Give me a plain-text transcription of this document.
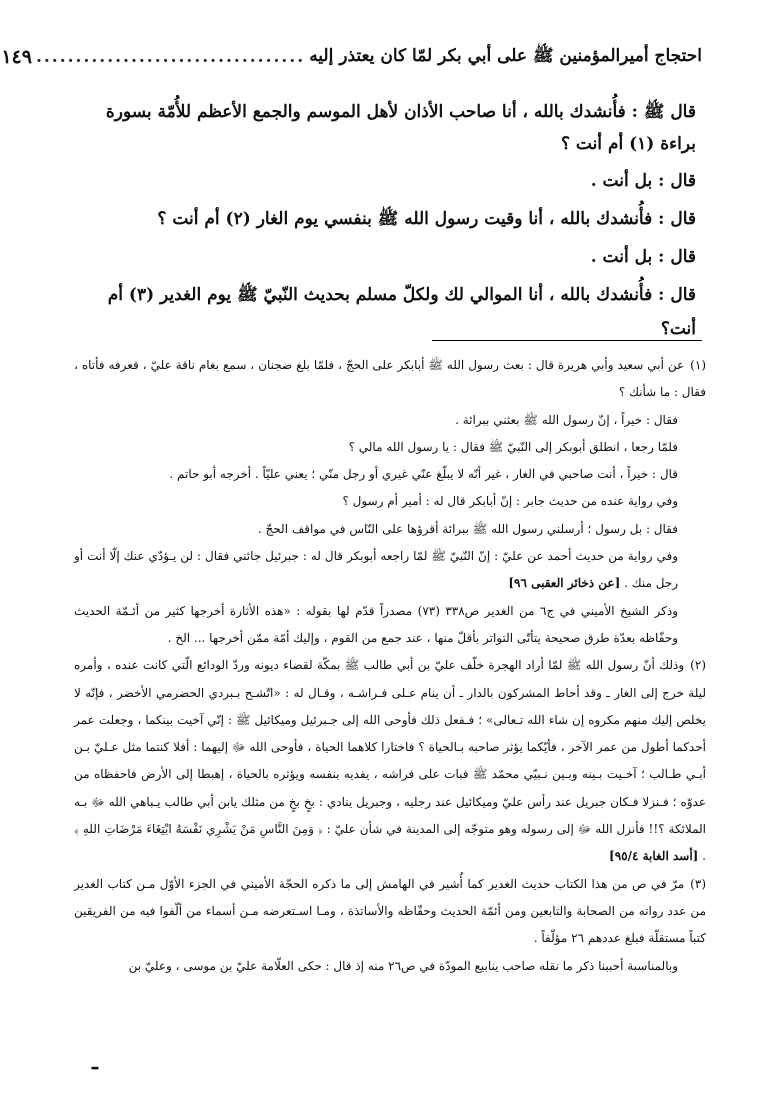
احتجاج أميرالمؤمنين ﷺ على أبي بكر لمّا كان يعتذر إليه
..................................
١٤٩

قال ﷺ : فأُنشدك بالله ، أنا صاحب الأذان لأهل الموسم والجمع الأعظم للأُمّة بسورة براءة (١) أم أنت ؟

قال : بل أنت .

قال : فأُنشدك بالله ، أنا وقيت رسول الله ﷺ بنفسي يوم الغار (٢) أم أنت ؟

قال : بل أنت .

قال : فأُنشدك بالله ، أنا الموالي لك ولكلّ مسلم بحديث النّبيّ ﷺ يوم الغدير (٣) أم أنت؟

(١)عن أبي سعيد وأبي هريرة قال : بعث رسول الله ﷺ أبابكر على الحجّ ، فلمّا بلغ ضجنان ، سمع بغام ناقة عليّ ، فعرفه فأتاه ، فقال : ما شأنك ؟

فقال : خيراً ، إنّ رسول الله ﷺ بعثني ببرائة .

فلمّا رجعا ، انطلق أبوبكر إلى النّبيّ ﷺ فقال : يا رسول الله مالي ؟

قال : خيراً ، أنت صاحبي في الغار ، غير أنّه لا يبلّغ عنّي غيري أو رجل منّي ؛ يعني عليّاً . أخرجه أبو حاتم .

وفي رواية عنده من حديث جابر : إنّ أبابكر قال له : أمير أم رسول ؟

فقال : بل رسول ؛ أرسلني رسول الله ﷺ ببرائة أقرؤها على النّاس في مواقف الحجّ .

وفي رواية من حديث أحمد عن عليّ : إنّ النّبيّ ﷺ لمّا راجعه أبوبكر قال له : جبرئيل جائني فقال : لن يـؤدّي عنك إلّا أنت أو رجل منك . [عن ذخائر العقبى ٩٦]

وذكر الشيخ الأميني في ج٦ من الغدير ص٣٣٨ (٧٣) مصدراً قدّم لها بقوله : «هذه الأثارة أخرجها كثير من أئـمّة الحديث وحفّاظه بعدّة طرق صحيحة يتأتّى التواتر بأقلّ منها ، عند جمع من القوم ، وإليك أمّة ممّن أخرجها ... الخ .

(٢)وذلك أنّ رسول الله ﷺ لمّا أراد الهجرة خلّف عليّ بن أبي طالب ﷺ بمكّة لقضاء ديونه وردّ الودائع الّتي كانت عنده ، وأمره ليلة خرج إلى الغار ـ وقد أحاط المشركون بالدار ـ أن ينام عـلى فـراشـه ، وقـال له : «اتّشـح بـبردي الحضرمي الأخضر ، فإنّه لا يخلص إليك منهم مكروه إن شاء الله تـعالى» ؛ فـفعل ذلك فأوحى الله إلى جـبرئيل وميكائيل ﷺ : إنّي آخيت بينكما ، وجعلت عمر أحدكما أطول من عمر الآخر ، فأيّكما يؤثر صاحبه بـالحياة ؟ فاختارا كلاهما الحياة ، فأوحى الله ﷻ إليهما : أفلا كنتما مثل عـليّ بـن أبـي طـالب ؛ آخـيت بـينه وبـين نـبيّي محمّد ﷺ فبات على فراشه ، يفديه بنفسه ويؤثره بالحياة ، إهبطا إلى الأرض فاحفظاه من عدوّه ؛ فـنزلا فـكان جبريل عند رأس عليّ وميكائيل عند رجليه ، وجبريل ينادي : بخٍ بخٍ من مثلك يابن أبي طالب يـباهي الله ﷻ بـه الملائكة ؟!! فأنزل الله ﷻ إلى رسوله وهو متوجّه إلى المدينة في شأن عليّ : ﴿ وَمِنَ النَّاسِ مَنْ يَشْرِي نَفْسَهُ ابْتِغَاءَ مَرْضَاتِ اللهِ ﴾ . [أسد الغابة ٩٥/٤]

(٣)مرّ في ص من هذا الكتاب حديث الغدير كما أُشير في الهامش إلى ما ذكره الحجّة الأميني في الجزء الأوّل مـن كتاب الغدير من عدد رواته من الصحابة والتابعين ومن أئمّة الحديث وحفّاظه والأساتذة ، ومـا اسـتعرضه مـن أسماء من ألّفوا فيه من الفريقين كتباً مستقلّة فبلغ عددهم ٢٦ مؤلّفاً .

وبالمناسبة أحببنا ذكر ما نقله صاحب ينابيع المودّة في ص٢٦ منه إذ قال : حكى العلّامة عليّ بن موسى ، وعليّ بن

ـ
